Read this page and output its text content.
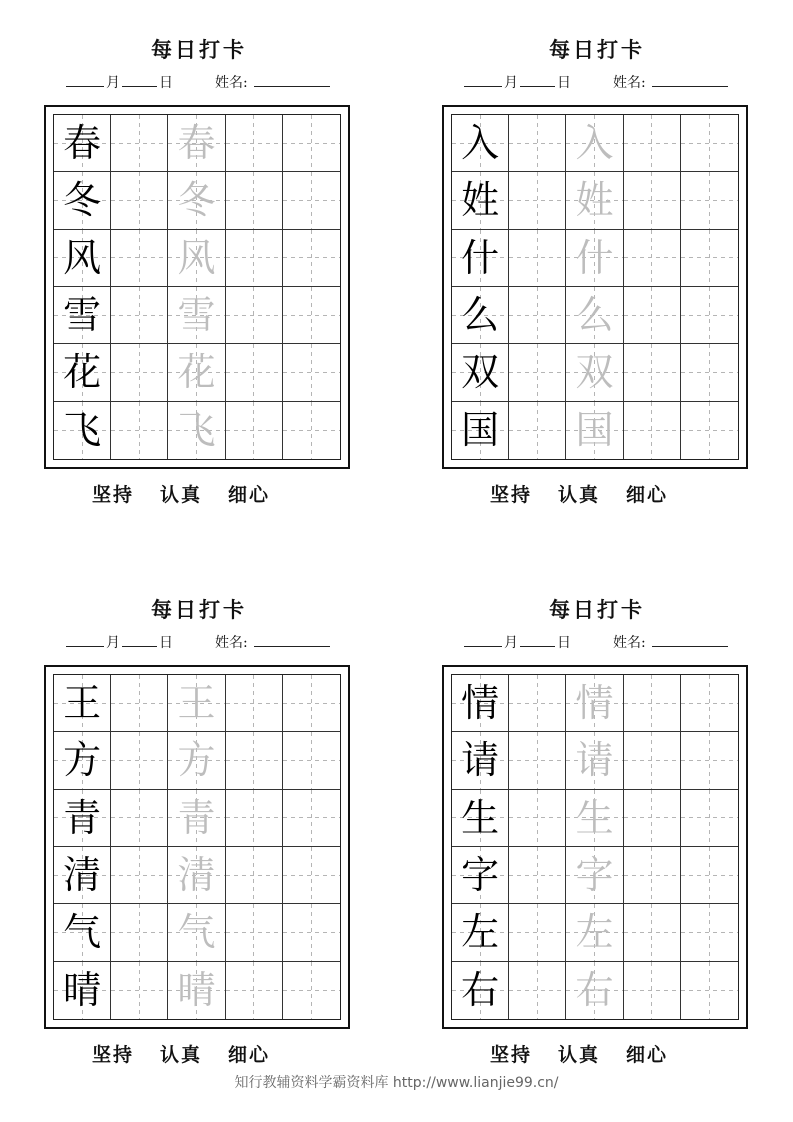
每日打卡
月	日	姓名:
春 春
冬 冬
风 风
雪 雪
花 花
飞 飞
坚持 认真 细心
每日打卡
月	日	姓名:
入 入
姓 姓
什 什
么 么
双 双
国 国
坚持 认真 细心
每日打卡
月	日	姓名:
王 王
方 方
青 青
清 清
气 气
晴 晴
坚持 认真 细心
每日打卡
月	日	姓名:
情 情
请 请
生 生
字 字
左 左
右 右
坚持 认真 细心
知行教辅资料学霸资料库 http://www.lianjie99.cn/
